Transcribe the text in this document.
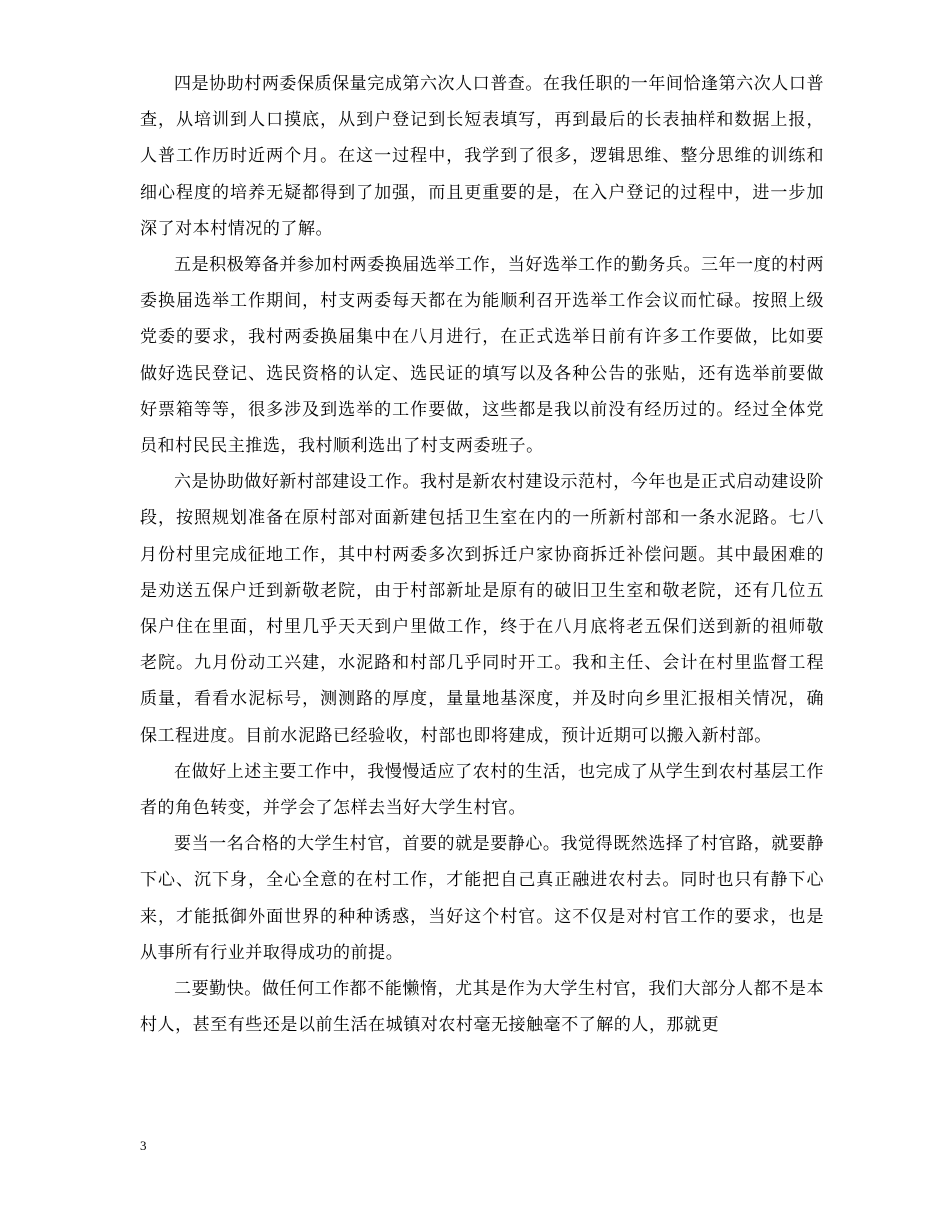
四是协助村两委保质保量完成第六次人口普查。在我任职的一年间恰逢第六次人口普查，从培训到人口摸底，从到户登记到长短表填写，再到最后的长表抽样和数据上报，人普工作历时近两个月。在这一过程中，我学到了很多，逻辑思维、整分思维的训练和细心程度的培养无疑都得到了加强，而且更重要的是，在入户登记的过程中，进一步加深了对本村情况的了解。

五是积极筹备并参加村两委换届选举工作，当好选举工作的勤务兵。三年一度的村两委换届选举工作期间，村支两委每天都在为能顺利召开选举工作会议而忙碌。按照上级党委的要求，我村两委换届集中在八月进行，在正式选举日前有许多工作要做，比如要做好选民登记、选民资格的认定、选民证的填写以及各种公告的张贴，还有选举前要做好票箱等等，很多涉及到选举的工作要做，这些都是我以前没有经历过的。经过全体党员和村民民主推选，我村顺利选出了村支两委班子。

六是协助做好新村部建设工作。我村是新农村建设示范村，今年也是正式启动建设阶段，按照规划准备在原村部对面新建包括卫生室在内的一所新村部和一条水泥路。七八月份村里完成征地工作，其中村两委多次到拆迁户家协商拆迁补偿问题。其中最困难的是劝送五保户迁到新敬老院，由于村部新址是原有的破旧卫生室和敬老院，还有几位五保户住在里面，村里几乎天天到户里做工作，终于在八月底将老五保们送到新的祖师敬老院。九月份动工兴建，水泥路和村部几乎同时开工。我和主任、会计在村里监督工程质量，看看水泥标号，测测路的厚度，量量地基深度，并及时向乡里汇报相关情况，确保工程进度。目前水泥路已经验收，村部也即将建成，预计近期可以搬入新村部。

在做好上述主要工作中，我慢慢适应了农村的生活，也完成了从学生到农村基层工作者的角色转变，并学会了怎样去当好大学生村官。

要当一名合格的大学生村官，首要的就是要静心。我觉得既然选择了村官路，就要静下心、沉下身，全心全意的在村工作，才能把自己真正融进农村去。同时也只有静下心来，才能抵御外面世界的种种诱惑，当好这个村官。这不仅是对村官工作的要求，也是从事所有行业并取得成功的前提。

二要勤快。做任何工作都不能懒惰，尤其是作为大学生村官，我们大部分人都不是本村人，甚至有些还是以前生活在城镇对农村毫无接触毫不了解的人，那就更

3
